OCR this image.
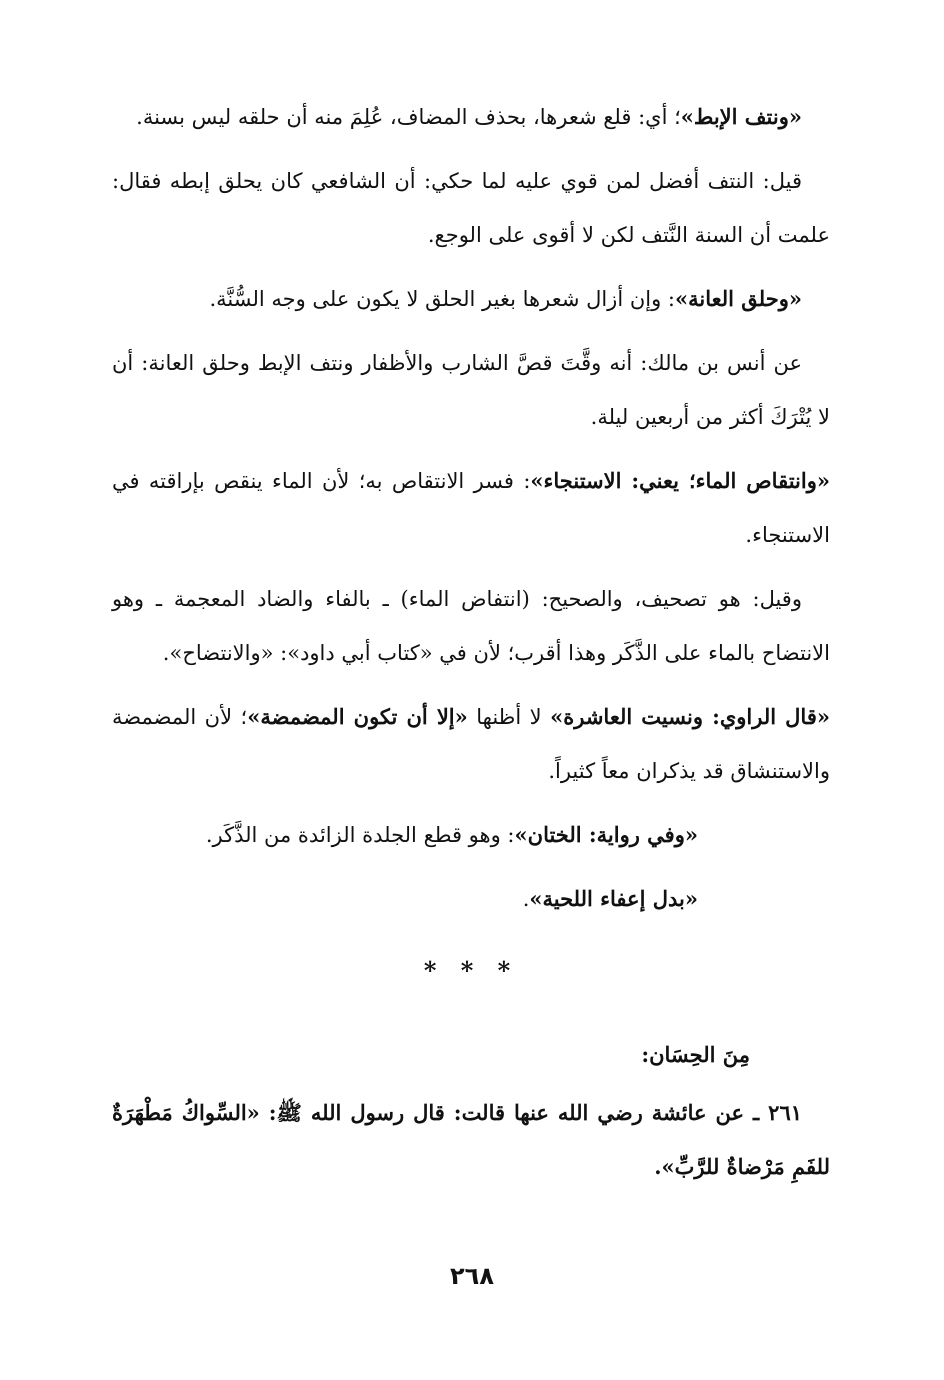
«ونتف الإبط»؛ أي: قلع شعرها، بحذف المضاف، عُلِمَ منه أن حلقه ليس بسنة.

قيل: النتف أفضل لمن قوي عليه لما حكي: أن الشافعي كان يحلق إبطه فقال: علمت أن السنة النَّتف لكن لا أقوى على الوجع.

«وحلق العانة»: وإن أزال شعرها بغير الحلق لا يكون على وجه السُّنَّة.

عن أنس بن مالك: أنه وقَّتَ قصَّ الشارب والأظفار ونتف الإبط وحلق العانة: أن لا يُتْرَكَ أكثر من أربعين ليلة.

«وانتقاص الماء؛ يعني: الاستنجاء»: فسر الانتقاص به؛ لأن الماء ينقص بإراقته في الاستنجاء.

وقيل: هو تصحيف، والصحيح: (انتفاض الماء) ـ بالفاء والضاد المعجمة ـ وهو الانتضاح بالماء على الذَّكَر وهذا أقرب؛ لأن في «كتاب أبي داود»: «والانتضاح».

«قال الراوي: ونسيت العاشرة» لا أظنها «إلا أن تكون المضمضة»؛ لأن المضمضة والاستنشاق قد يذكران معاً كثيراً.

«وفي رواية: الختان»: وهو قطع الجلدة الزائدة من الذَّكَر.

«بدل إعفاء اللحية».

* * *
مِنَ الحِسَان:

٢٦١ ـ عن عائشة رضي الله عنها قالت: قال رسول الله ﷺ: «السِّواكُ مَطْهَرَةٌ للفَمِ مَرْضاةٌ للرَّبِّ».

٢٦٨
